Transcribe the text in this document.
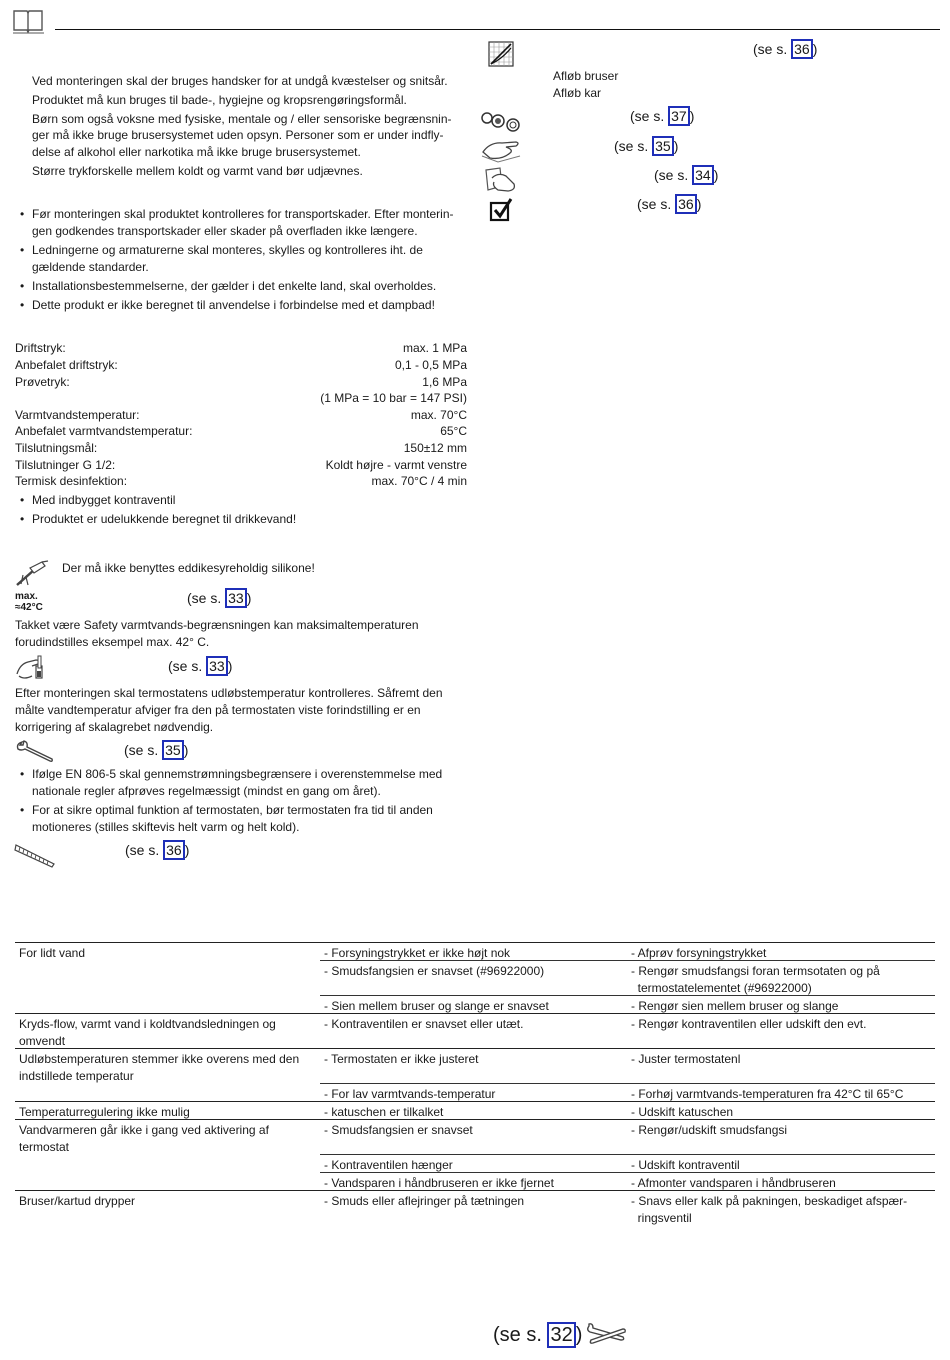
Ved monteringen skal der bruges handsker for at undgå kvæstelser og snitsår.
Produktet må kun bruges til bade-, hygiejne og kropsrengøringsformål.
Børn som også voksne med fysiske, mentale og / eller sensoriske begrænsnin-
ger må ikke bruge brusersystemet uden opsyn. Personer som er under indfly-
delse af alkohol eller narkotika må ikke bruge brusersystemet.
Større trykforskelle mellem koldt og varmt vand bør udjævnes.
• Før monteringen skal produktet kontrolleres for transportskader. Efter monterin-
gen godkendes transportskader eller skader på overfladen ikke længere.
• Ledningerne og armaturerne skal monteres, skylles og kontrolleres iht. de
gældende standarder.
• Installationsbestemmelserne, der gælder i det enkelte land, skal overholdes.
• Dette produkt er ikke beregnet til anvendelse i forbindelse med et dampbad!
Driftstryk:	max. 1 MPa
Anbefalet driftstryk:	0,1 - 0,5 MPa
Prøvetryk:	1,6 MPa
(1 MPa = 10 bar = 147 PSI)
Varmtvandstemperatur:	max. 70°C
Anbefalet varmtvandstemperatur:	65°C
Tilslutningsmål:	150±12 mm
Tilslutninger G 1/2:	Koldt højre - varmt venstre
Termisk desinfektion:	max. 70°C / 4 min
• Med indbygget kontraventil
• Produktet er udelukkende beregnet til drikkevand!
Der må ikke benyttes eddikesyreholdig silikone!
max.
≈42°C
(se s. 33 )
Takket være Safety varmtvands-begrænsningen kan maksimaltemperaturen
forudindstilles eksempel max. 42° C.
(se s. 33 )
Efter monteringen skal termostatens udløbstemperatur kontrolleres. Såfremt den
målte vandtemperatur afviger fra den på termostaten viste forindstilling er en
korrigering af skalagrebet nødvendig.
(se s. 35 )
• Ifølge EN 806-5 skal gennemstrømningsbegrænsere i overenstemmelse med
nationale regler afprøves regelmæssigt (mindst en gang om året).
• For at sikre optimal funktion af termostaten, bør termostaten fra tid til anden
motioneres (stilles skiftevis helt varm og helt kold).
(se s. 36 )
(se s. 36 )
Afløb bruser
Afløb kar
(se s. 37 )
(se s. 35 )
(se s. 34 )
(se s. 36 )
For lidt vand	- Forsyningstrykket er ikke højt nok	- Afprøv forsyningstrykket
- Smudsfangsien er snavset (#96922000)	- Rengør smudsfangsi foran termsotaten og på
termostatelementet (#96922000)
- Sien mellem bruser og slange er snavset	- Rengør sien mellem bruser og slange
Kryds-flow, varmt vand i koldtvandsledningen og
omvendt
- Kontraventilen er snavset eller utæt.	- Rengør kontraventilen eller udskift den evt.
Udløbstemperaturen stemmer ikke overens med den
indstillede temperatur
- Termostaten er ikke justeret	- Juster termostatenl
- For lav varmtvands-temperatur	- Forhøj varmtvands-temperaturen fra 42°C til 65°C
Temperaturregulering ikke mulig	- katuschen er tilkalket	- Udskift katuschen
Vandvarmeren går ikke i gang ved aktivering af
termostat
- Smudsfangsien er snavset	- Rengør/udskift smudsfangsi
- Kontraventilen hænger	- Udskift kontraventil
- Vandsparen i håndbruseren er ikke fjernet	- Afmonter vandsparen i håndbruseren
Bruser/kartud drypper	- Smuds eller aflejringer på tætningen	- Snavs eller kalk på pakningen, beskadiget afspær-
ringsventil
(se s. 32 )
